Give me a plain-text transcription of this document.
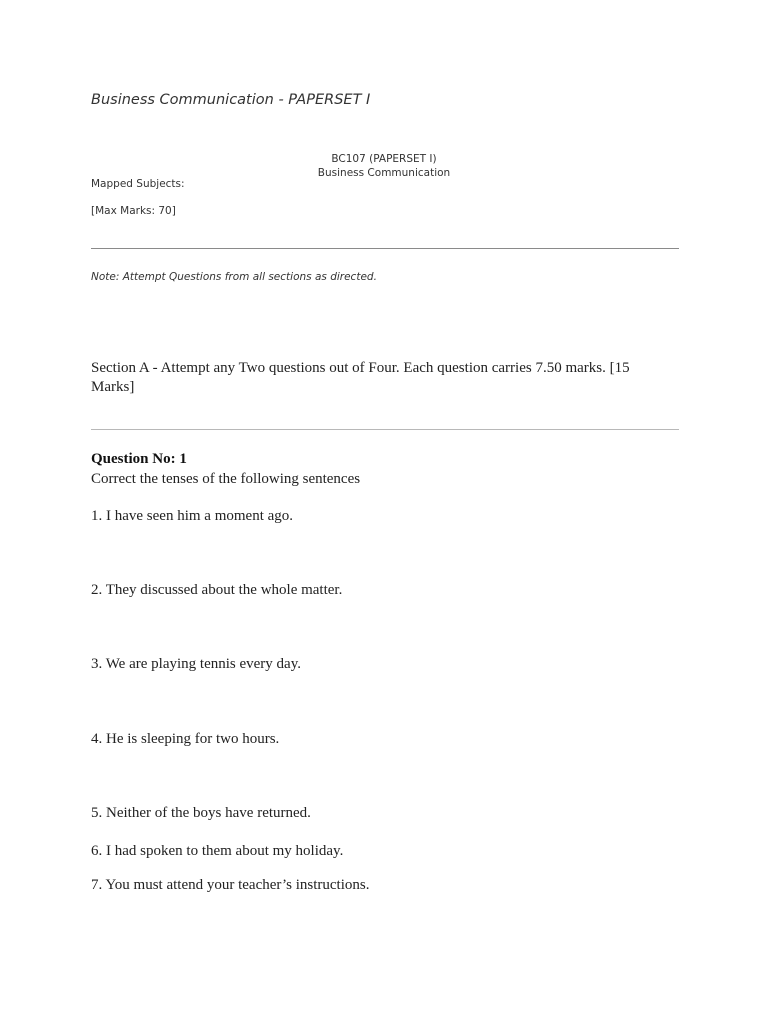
Business Communication - PAPERSET I
BC107 (PAPERSET I)
Business Communication
Mapped Subjects:
[Max Marks: 70]
Note: Attempt Questions from all sections as directed.
Section A - Attempt any Two questions out of Four. Each question carries 7.50 marks. [15 Marks]
Question No: 1
Correct the tenses of the following sentences
1. I have seen him a moment ago.
2. They discussed about the whole matter.
3. We are playing tennis every day.
4. He is sleeping for two hours.
5. Neither of the boys have returned.
6. I had spoken to them about my holiday.
7. You must attend your teacher’s instructions.
